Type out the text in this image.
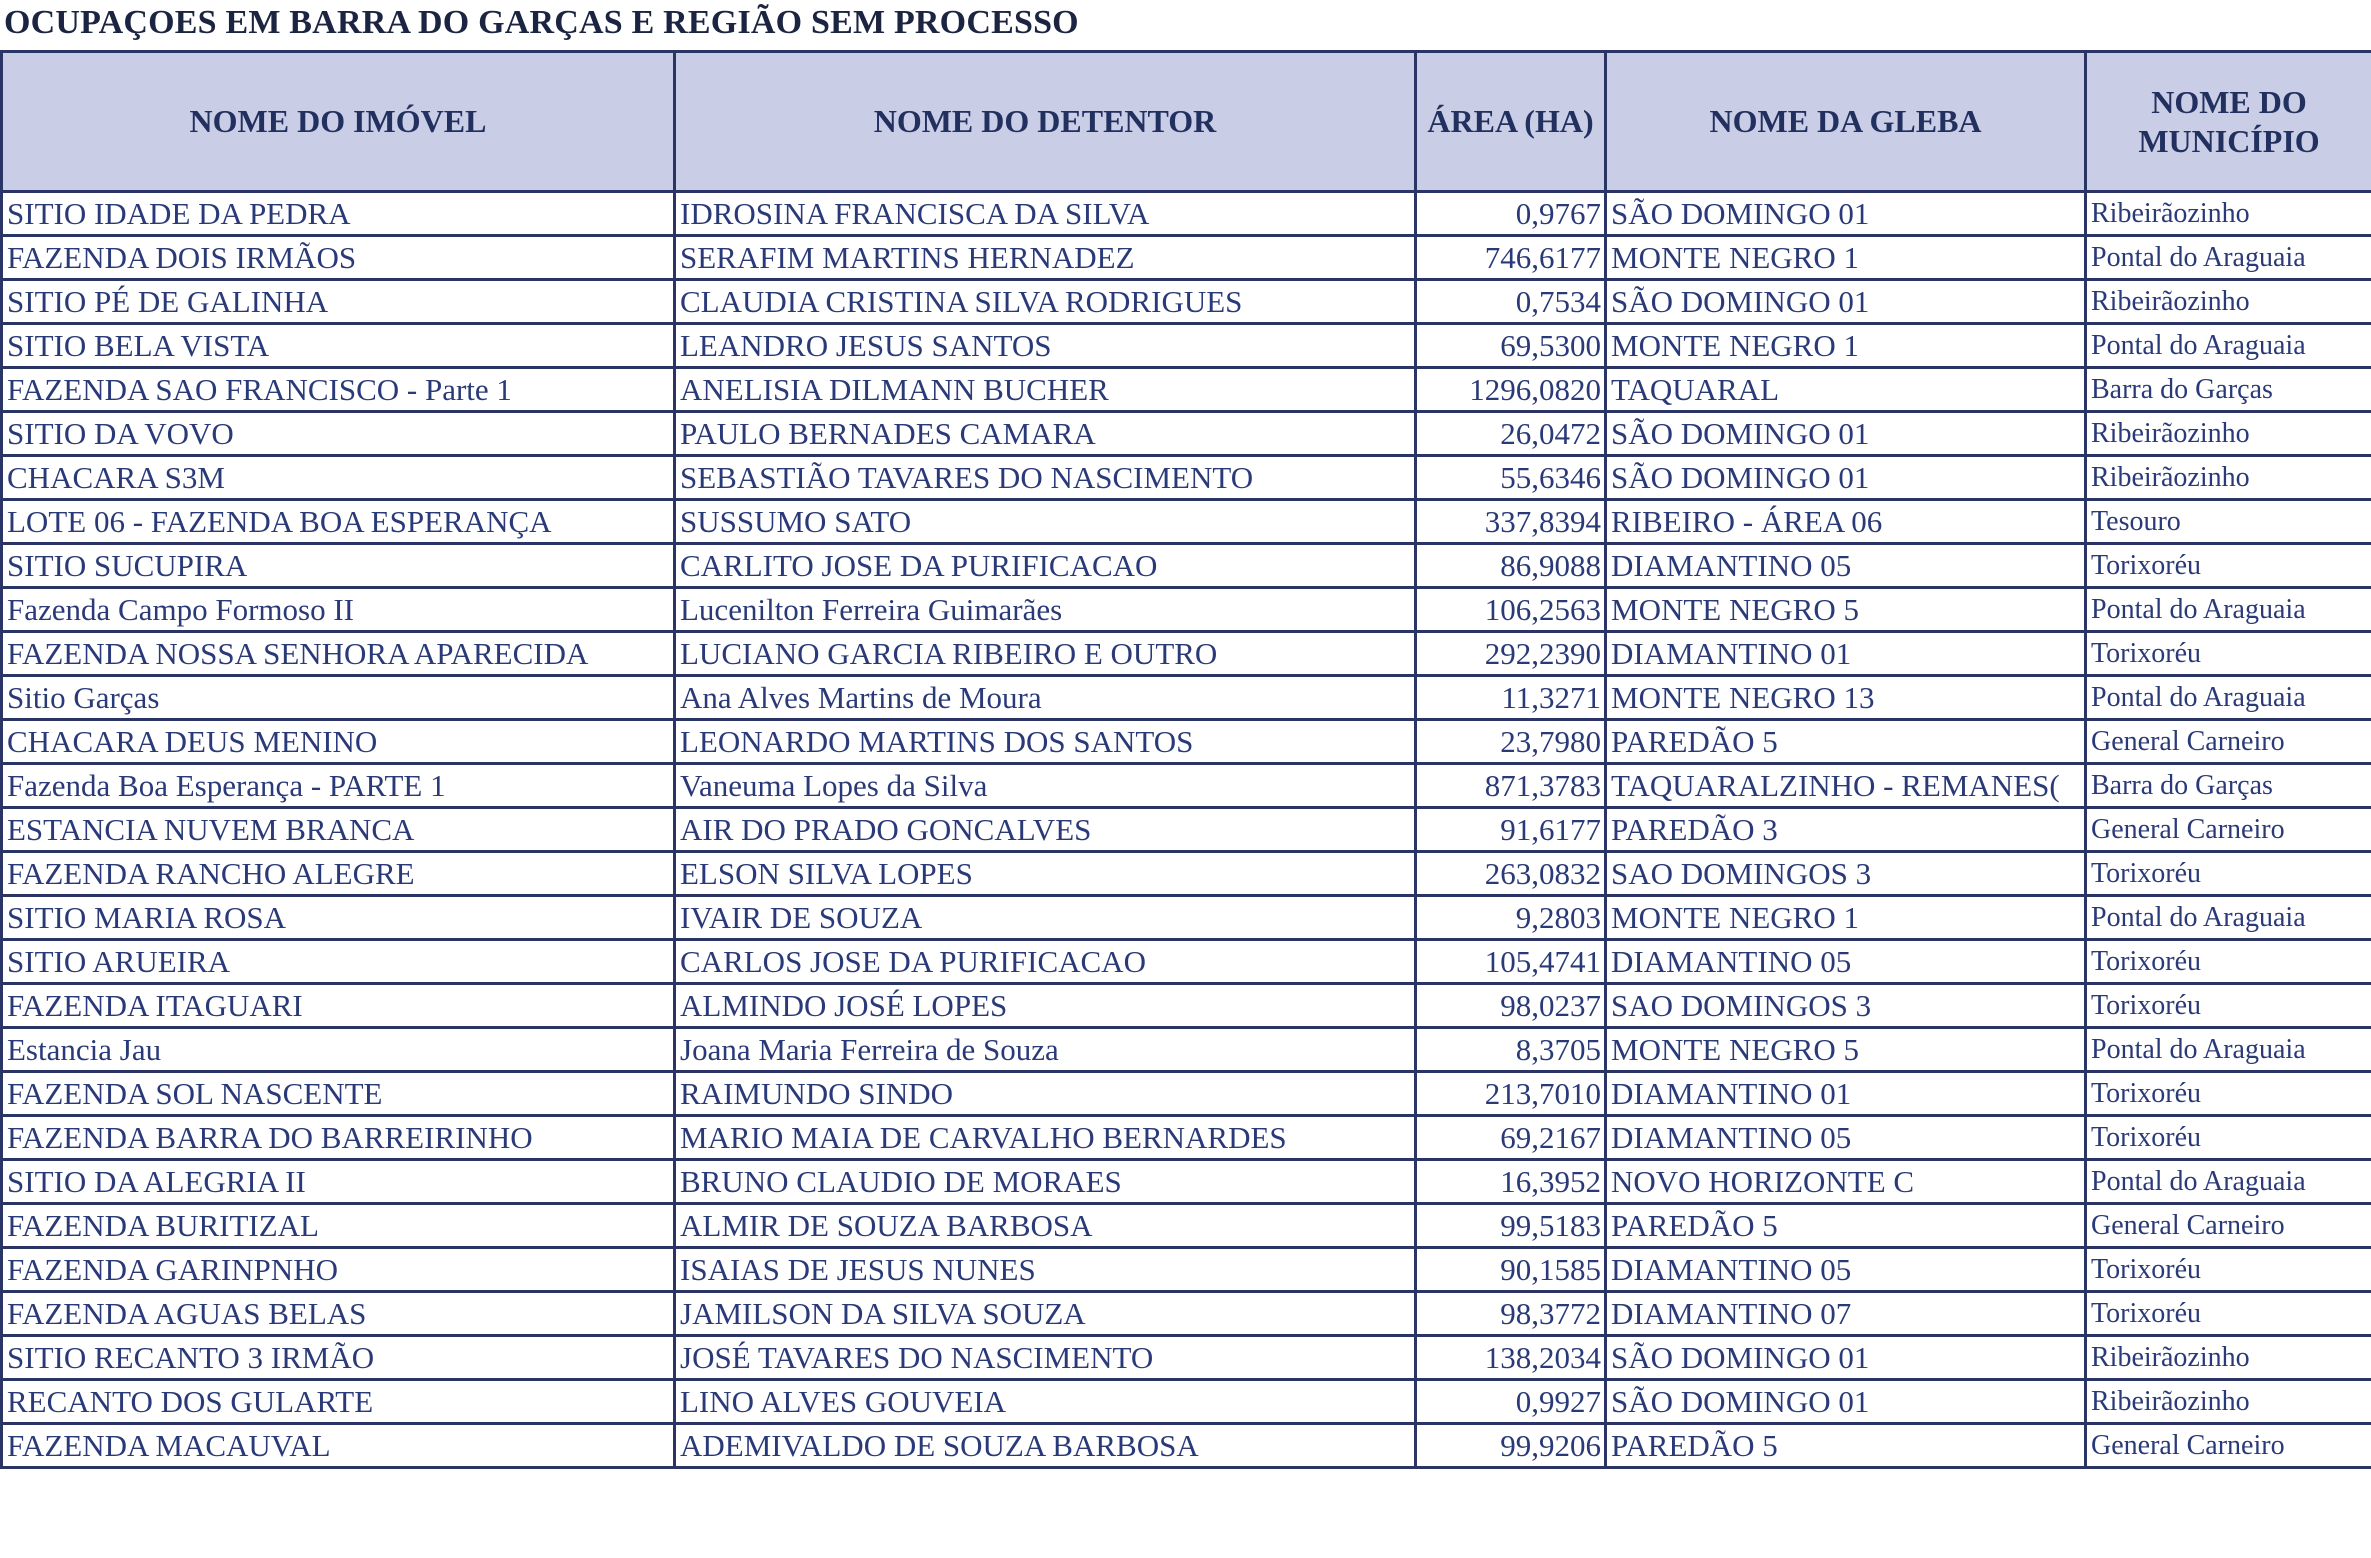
OCUPAÇOES EM BARRA DO GARÇAS E REGIÃO SEM PROCESSO
NOME DO IMÓVEL	NOME DO DETENTOR	ÁREA (HA)	NOME DA GLEBA	NOME DO MUNICÍPIO
SITIO IDADE DA PEDRA	IDROSINA FRANCISCA DA SILVA	0,9767	SÃO DOMINGO 01	Ribeirãozinho
FAZENDA DOIS IRMÃOS	SERAFIM MARTINS HERNADEZ	746,6177	MONTE NEGRO 1	Pontal do Araguaia
SITIO PÉ DE GALINHA	CLAUDIA CRISTINA SILVA RODRIGUES	0,7534	SÃO DOMINGO 01	Ribeirãozinho
SITIO BELA VISTA	LEANDRO JESUS SANTOS	69,5300	MONTE NEGRO 1	Pontal do Araguaia
FAZENDA SAO FRANCISCO - Parte 1	ANELISIA DILMANN BUCHER	1296,0820	TAQUARAL	Barra do Garças
SITIO DA VOVO	PAULO BERNADES CAMARA	26,0472	SÃO DOMINGO 01	Ribeirãozinho
CHACARA S3M	SEBASTIÃO TAVARES DO NASCIMENTO	55,6346	SÃO DOMINGO 01	Ribeirãozinho
LOTE 06 - FAZENDA BOA ESPERANÇA	SUSSUMO SATO	337,8394	RIBEIRO - ÁREA 06	Tesouro
SITIO SUCUPIRA	CARLITO JOSE DA PURIFICACAO	86,9088	DIAMANTINO 05	Torixoréu
Fazenda Campo Formoso II	Lucenilton Ferreira Guimarães	106,2563	MONTE NEGRO 5	Pontal do Araguaia
FAZENDA NOSSA SENHORA APARECIDA	LUCIANO GARCIA RIBEIRO E OUTRO	292,2390	DIAMANTINO 01	Torixoréu
Sitio Garças	Ana Alves Martins de Moura	11,3271	MONTE NEGRO 13	Pontal do Araguaia
CHACARA DEUS MENINO	LEONARDO MARTINS DOS SANTOS	23,7980	PAREDÃO 5	General Carneiro
Fazenda Boa Esperança - PARTE 1	Vaneuma Lopes da Silva	871,3783	TAQUARALZINHO - REMANES(	Barra do Garças
ESTANCIA NUVEM BRANCA	AIR DO PRADO GONCALVES	91,6177	PAREDÃO 3	General Carneiro
FAZENDA RANCHO ALEGRE	ELSON SILVA LOPES	263,0832	SAO DOMINGOS 3	Torixoréu
SITIO MARIA ROSA	IVAIR DE SOUZA	9,2803	MONTE NEGRO 1	Pontal do Araguaia
SITIO ARUEIRA	CARLOS JOSE DA PURIFICACAO	105,4741	DIAMANTINO 05	Torixoréu
FAZENDA ITAGUARI	ALMINDO JOSÉ LOPES	98,0237	SAO DOMINGOS 3	Torixoréu
Estancia Jau	Joana Maria Ferreira de Souza	8,3705	MONTE NEGRO 5	Pontal do Araguaia
FAZENDA SOL NASCENTE	RAIMUNDO SINDO	213,7010	DIAMANTINO 01	Torixoréu
FAZENDA BARRA DO BARREIRINHO	MARIO MAIA DE CARVALHO BERNARDES	69,2167	DIAMANTINO 05	Torixoréu
SITIO DA ALEGRIA II	BRUNO CLAUDIO DE MORAES	16,3952	NOVO HORIZONTE C	Pontal do Araguaia
FAZENDA BURITIZAL	ALMIR DE SOUZA BARBOSA	99,5183	PAREDÃO 5	General Carneiro
FAZENDA GARINPNHO	ISAIAS DE JESUS NUNES	90,1585	DIAMANTINO 05	Torixoréu
FAZENDA AGUAS BELAS	JAMILSON DA SILVA SOUZA	98,3772	DIAMANTINO 07	Torixoréu
SITIO RECANTO 3 IRMÃO	JOSÉ TAVARES DO NASCIMENTO	138,2034	SÃO DOMINGO 01	Ribeirãozinho
RECANTO DOS GULARTE	LINO ALVES GOUVEIA	0,9927	SÃO DOMINGO 01	Ribeirãozinho
FAZENDA MACAUVAL	ADEMIVALDO DE SOUZA BARBOSA	99,9206	PAREDÃO 5	General Carneiro
